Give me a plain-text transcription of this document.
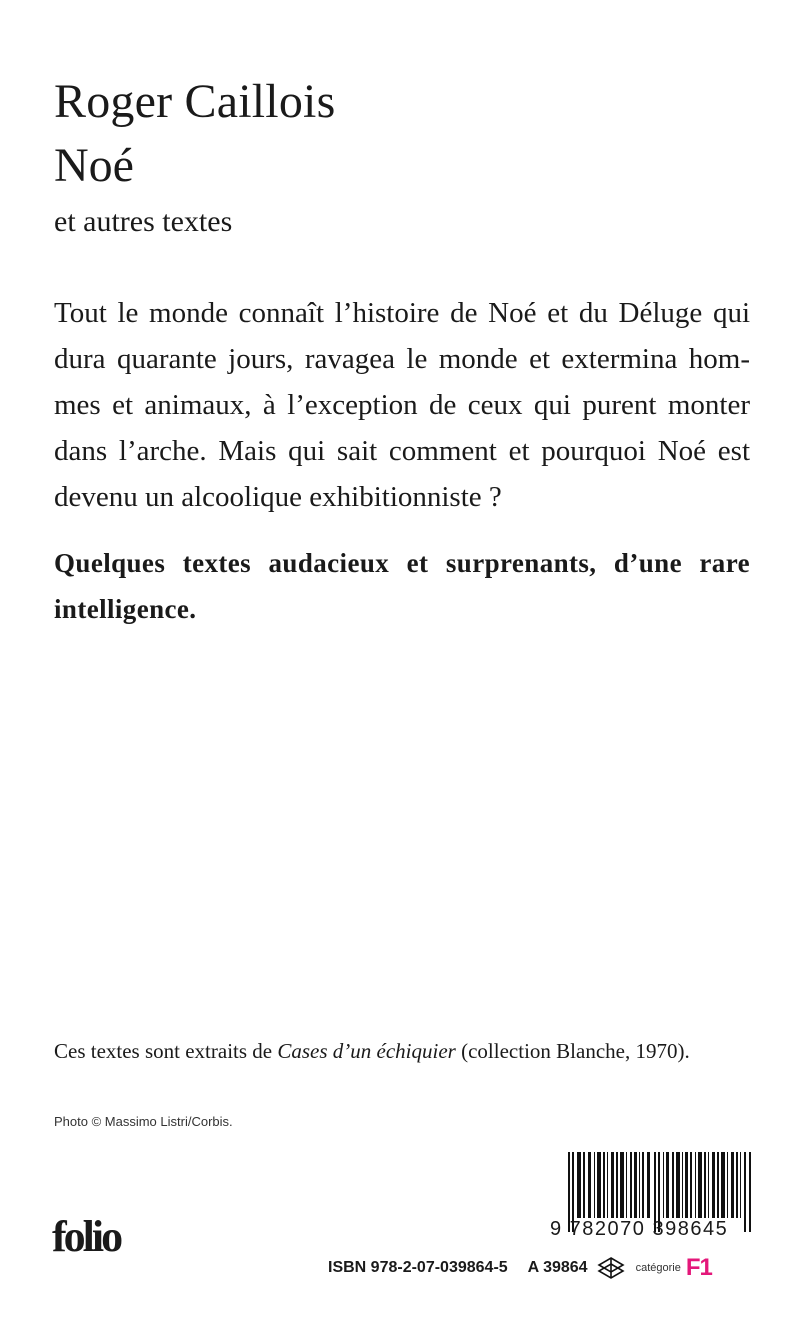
Roger Caillois
Noé
et autres textes
Tout le monde connaît l’histoire de Noé et du Déluge qui
dura quarante jours, ravagea le monde et extermina hom-
mes et animaux, à l’exception de ceux qui purent monter
dans l’arche. Mais qui sait comment et pourquoi Noé est
devenu un alcoolique exhibitionniste ?
Quelques textes audacieux et surprenants, d’une rare
intelligence.
Ces textes sont extraits de Cases d’un échiquier (collection Blanche, 1970).
Photo © Massimo Listri/Corbis.
folio	9 782070 398645
ISBN 978-2-07-039864-5 A 39864	catégorie F1
